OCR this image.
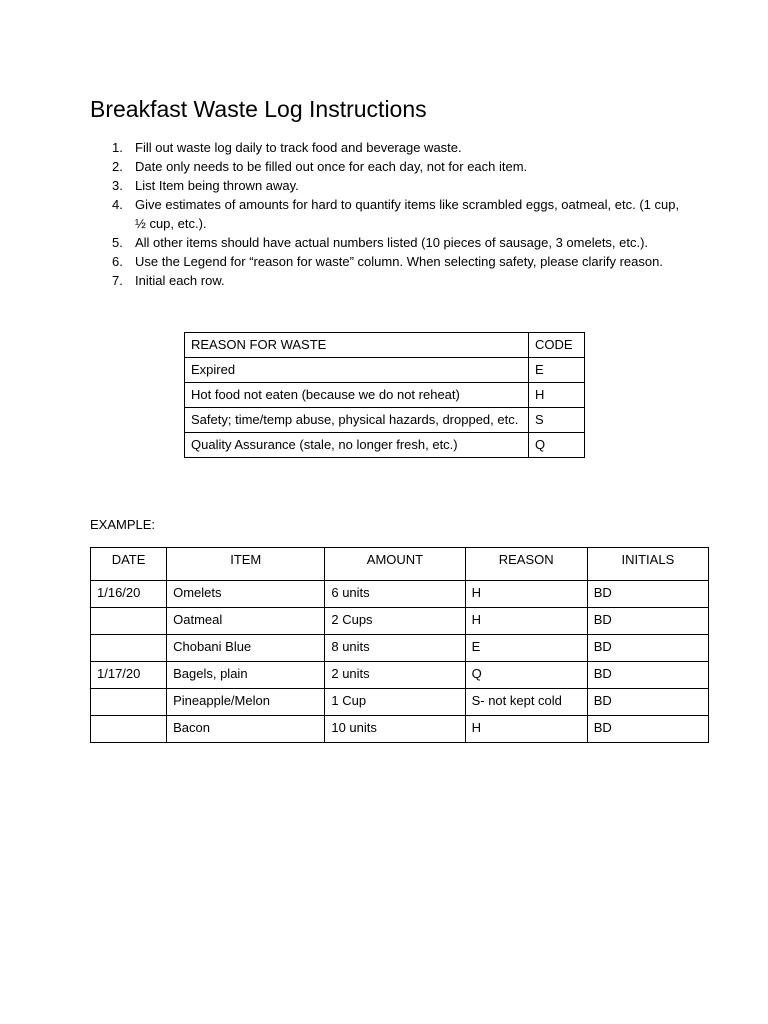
Breakfast Waste Log Instructions
1. Fill out waste log daily to track food and beverage waste.
2. Date only needs to be filled out once for each day, not for each item.
3. List Item being thrown away.
4. Give estimates of amounts for hard to quantify items like scrambled eggs, oatmeal, etc. (1 cup, ½ cup, etc.).
5. All other items should have actual numbers listed (10 pieces of sausage, 3 omelets, etc.).
6. Use the Legend for “reason for waste” column. When selecting safety, please clarify reason.
7. Initial each row.
REASON FOR WASTE	CODE
Expired	E
Hot food not eaten (because we do not reheat)	H
Safety; time/temp abuse, physical hazards, dropped, etc.	S
Quality Assurance (stale, no longer fresh, etc.)	Q

EXAMPLE:

DATE	ITEM	AMOUNT	REASON	INITIALS
1/16/20	Omelets	6 units	H	BD
	Oatmeal	2 Cups	H	BD
	Chobani Blue	8 units	E	BD
1/17/20	Bagels, plain	2 units	Q	BD
	Pineapple/Melon	1 Cup	S- not kept cold	BD
	Bacon	10 units	H	BD
